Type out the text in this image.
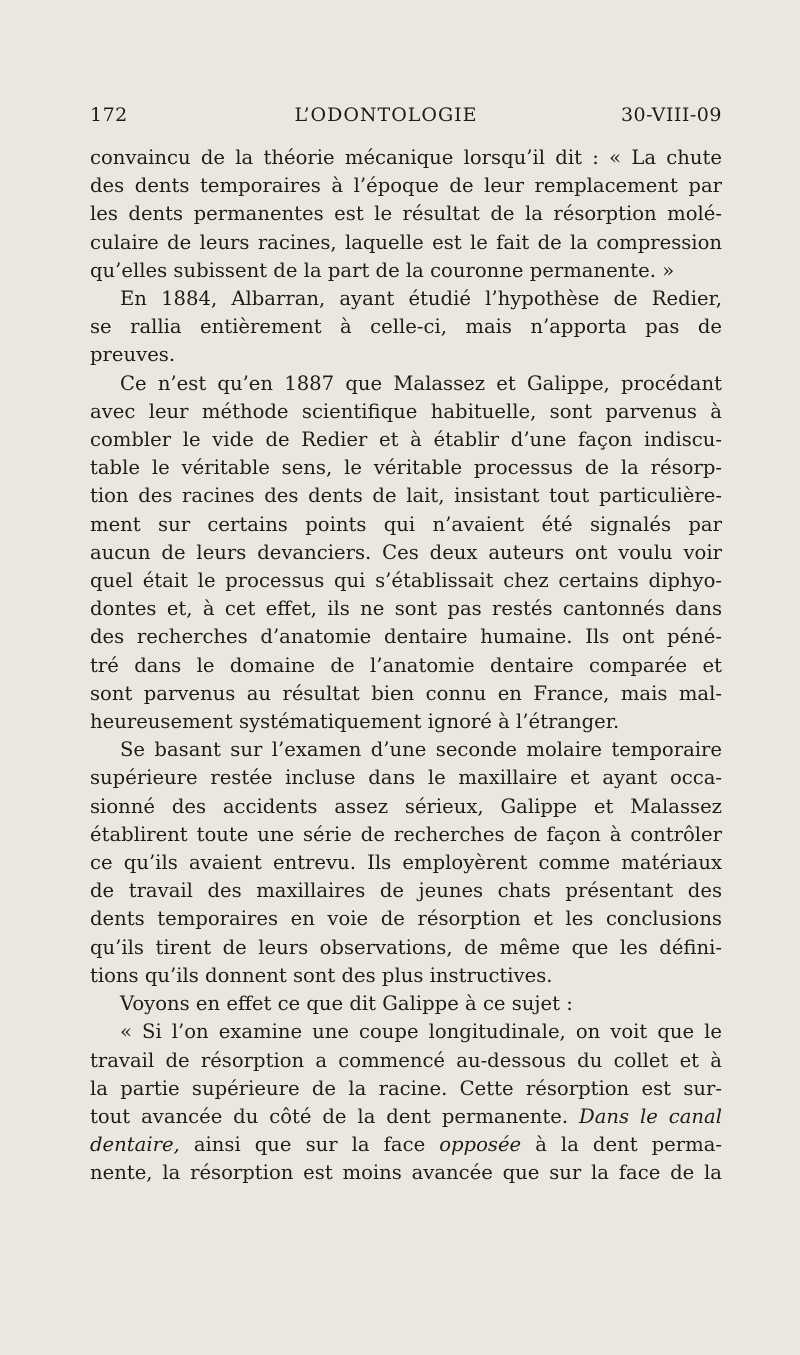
172	L’ODONTOLOGIE	30-VIII-09
convaincu de la théorie mécanique lorsqu’il dit : « La chute
des dents temporaires à l’époque de leur remplacement par
les dents permanentes est le résultat de la résorption molé-
culaire de leurs racines, laquelle est le fait de la compression
qu’elles subissent de la part de la couronne permanente. »
En 1884, Albarran, ayant étudié l’hypothèse de Redier,
se rallia entièrement à celle-ci, mais n’apporta pas de
preuves.
Ce n’est qu’en 1887 que Malassez et Galippe, procédant
avec leur méthode scientifique habituelle, sont parvenus à
combler le vide de Redier et à établir d’une façon indiscu-
table le véritable sens, le véritable processus de la résorp-
tion des racines des dents de lait, insistant tout particulière-
ment sur certains points qui n’avaient été signalés par
aucun de leurs devanciers. Ces deux auteurs ont voulu voir
quel était le processus qui s’établissait chez certains diphyo-
dontes et, à cet effet, ils ne sont pas restés cantonnés dans
des recherches d’anatomie dentaire humaine. Ils ont péné-
tré dans le domaine de l’anatomie dentaire comparée et
sont parvenus au résultat bien connu en France, mais mal-
heureusement systématiquement ignoré à l’étranger.
Se basant sur l’examen d’une seconde molaire temporaire
supérieure restée incluse dans le maxillaire et ayant occa-
sionné des accidents assez sérieux, Galippe et Malassez
établirent toute une série de recherches de façon à contrôler
ce qu’ils avaient entrevu. Ils employèrent comme matériaux
de travail des maxillaires de jeunes chats présentant des
dents temporaires en voie de résorption et les conclusions
qu’ils tirent de leurs observations, de même que les défini-
tions qu’ils donnent sont des plus instructives.
Voyons en effet ce que dit Galippe à ce sujet :
« Si l’on examine une coupe longitudinale, on voit que le
travail de résorption a commencé au-dessous du collet et à
la partie supérieure de la racine. Cette résorption est sur-
tout avancée du côté de la dent permanente. Dans le canal
dentaire, ainsi que sur la face opposée à la dent perma-
nente, la résorption est moins avancée que sur la face de la
